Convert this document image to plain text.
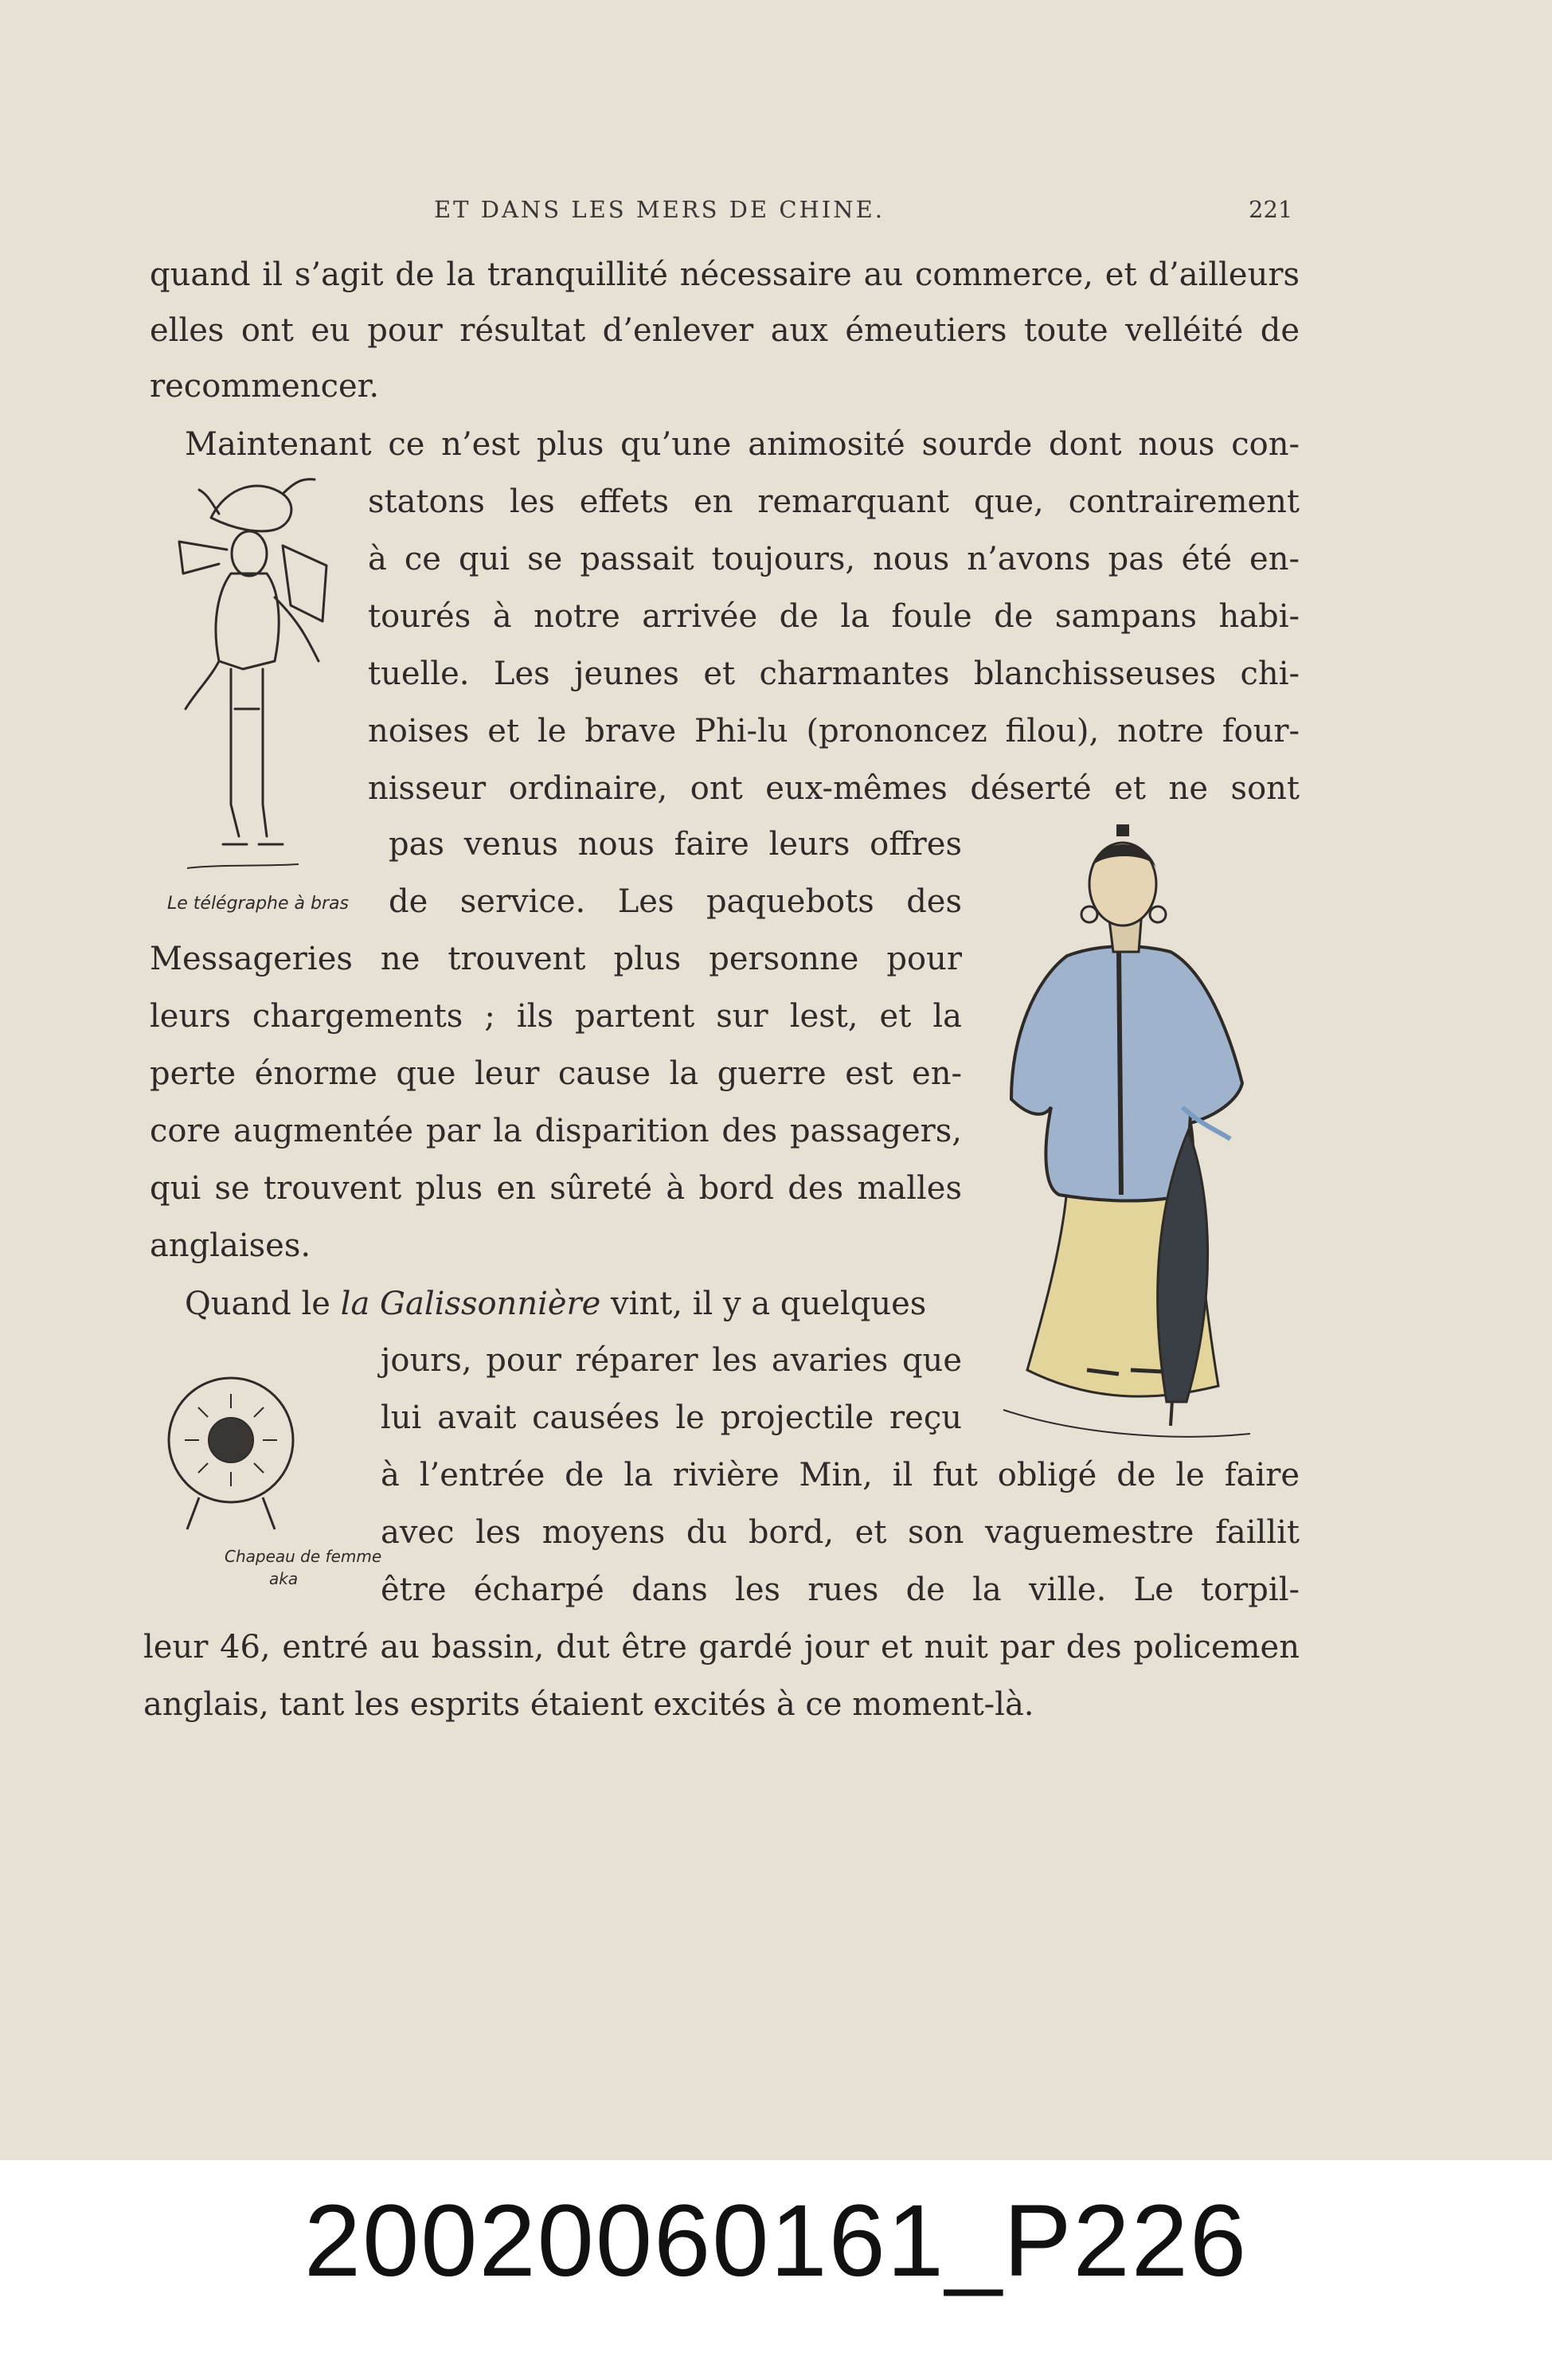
ET DANS LES MERS DE CHINE.	221
quand il s’agit de la tranquillité nécessaire au commerce, et d’ailleurs
elles ont eu pour résultat d’enlever aux émeutiers toute velléité de
recommencer.
Maintenant ce n’est plus qu’une animosité sourde dont nous con-
statons les effets en remarquant que, contrairement
à ce qui se passait toujours, nous n’avons pas été en-
tourés à notre arrivée de la foule de sampans habi-
tuelle. Les jeunes et charmantes blanchisseuses chi-
noises et le brave Phi-lu (prononcez filou), notre four-
nisseur ordinaire, ont eux-mêmes déserté et ne sont
pas venus nous faire leurs offres
de service. Les paquebots des
Messageries ne trouvent plus personne pour
leurs chargements ; ils partent sur lest, et la
perte énorme que leur cause la guerre est en-
core augmentée par la disparition des passagers,
qui se trouvent plus en sûreté à bord des malles
anglaises.
Quand le la Galissonnière vint, il y a quelques
jours, pour réparer les avaries que
lui avait causées le projectile reçu
à l’entrée de la rivière Min, il fut obligé de le faire
avec les moyens du bord, et son vaguemestre faillit
être écharpé dans les rues de la ville. Le torpil-
leur 46, entré au bassin, dut être gardé jour et nuit par des policemen
anglais, tant les esprits étaient excités à ce moment-là.
Le télégraphe à bras
Chapeau de femme
aka
20020060161_P226
